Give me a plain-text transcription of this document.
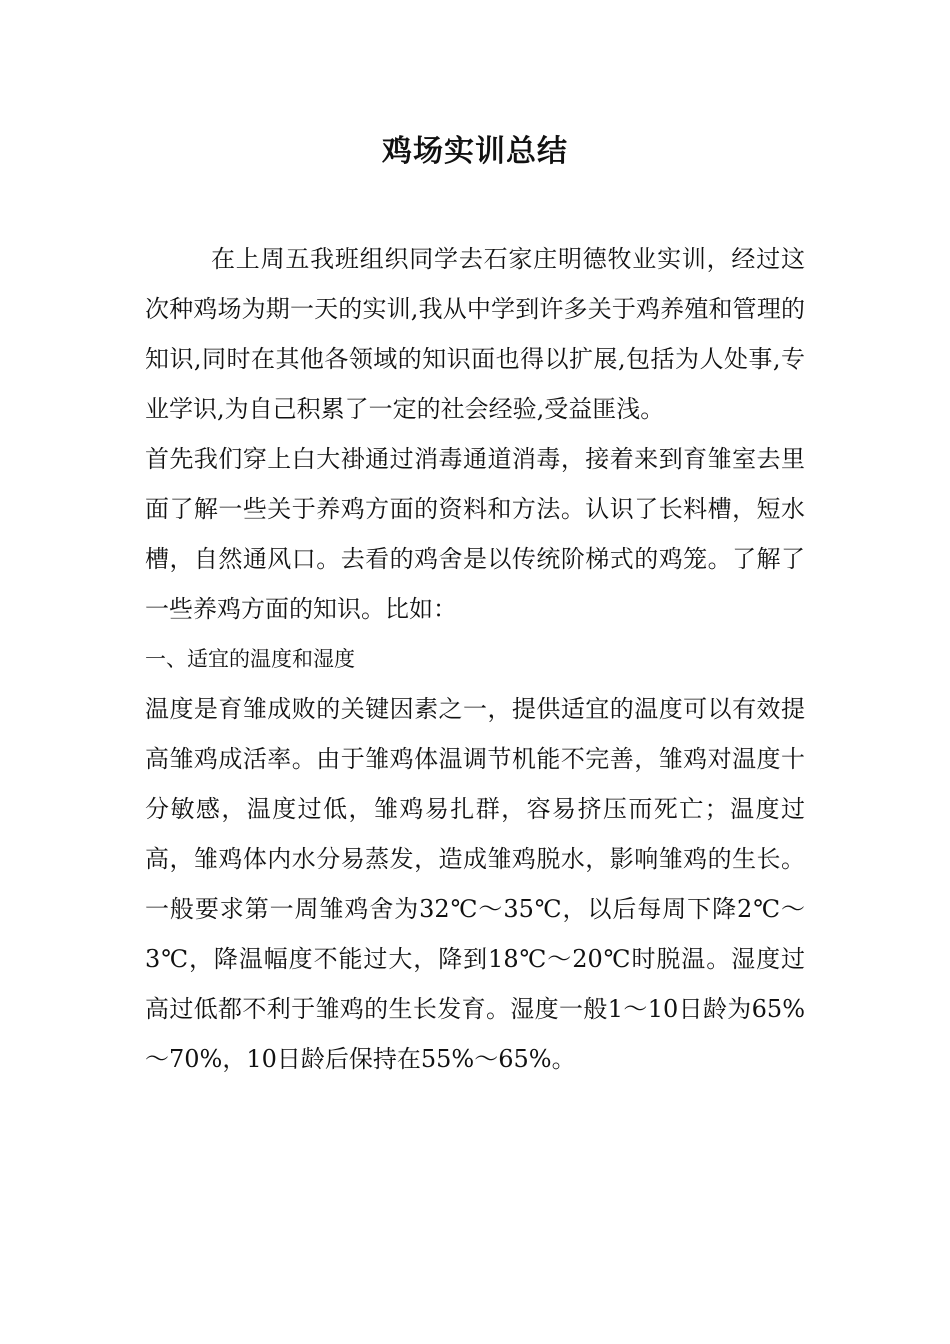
鸡场实训总结

在上周五我班组织同学去石家庄明德牧业实训，经过这次种鸡场为期一天的实训,我从中学到许多关于鸡养殖和管理的知识,同时在其他各领域的知识面也得以扩展,包括为人处事,专业学识,为自己积累了一定的社会经验,受益匪浅。

首先我们穿上白大褂通过消毒通道消毒，接着来到育雏室去里面了解一些关于养鸡方面的资料和方法。认识了长料槽，短水槽，自然通风口。去看的鸡舍是以传统阶梯式的鸡笼。了解了一些养鸡方面的知识。比如：

一、适宜的温度和湿度

温度是育雏成败的关键因素之一，提供适宜的温度可以有效提高雏鸡成活率。由于雏鸡体温调节机能不完善，雏鸡对温度十分敏感，温度过低，雏鸡易扎群，容易挤压而死亡；温度过高，雏鸡体内水分易蒸发，造成雏鸡脱水，影响雏鸡的生长。一般要求第一周雏鸡舍为32℃～35℃，以后每周下降2℃～3℃，降温幅度不能过大，降到18℃～20℃时脱温。湿度过高过低都不利于雏鸡的生长发育。湿度一般1～10日龄为65%～70%，10日龄后保持在55%～65%。
